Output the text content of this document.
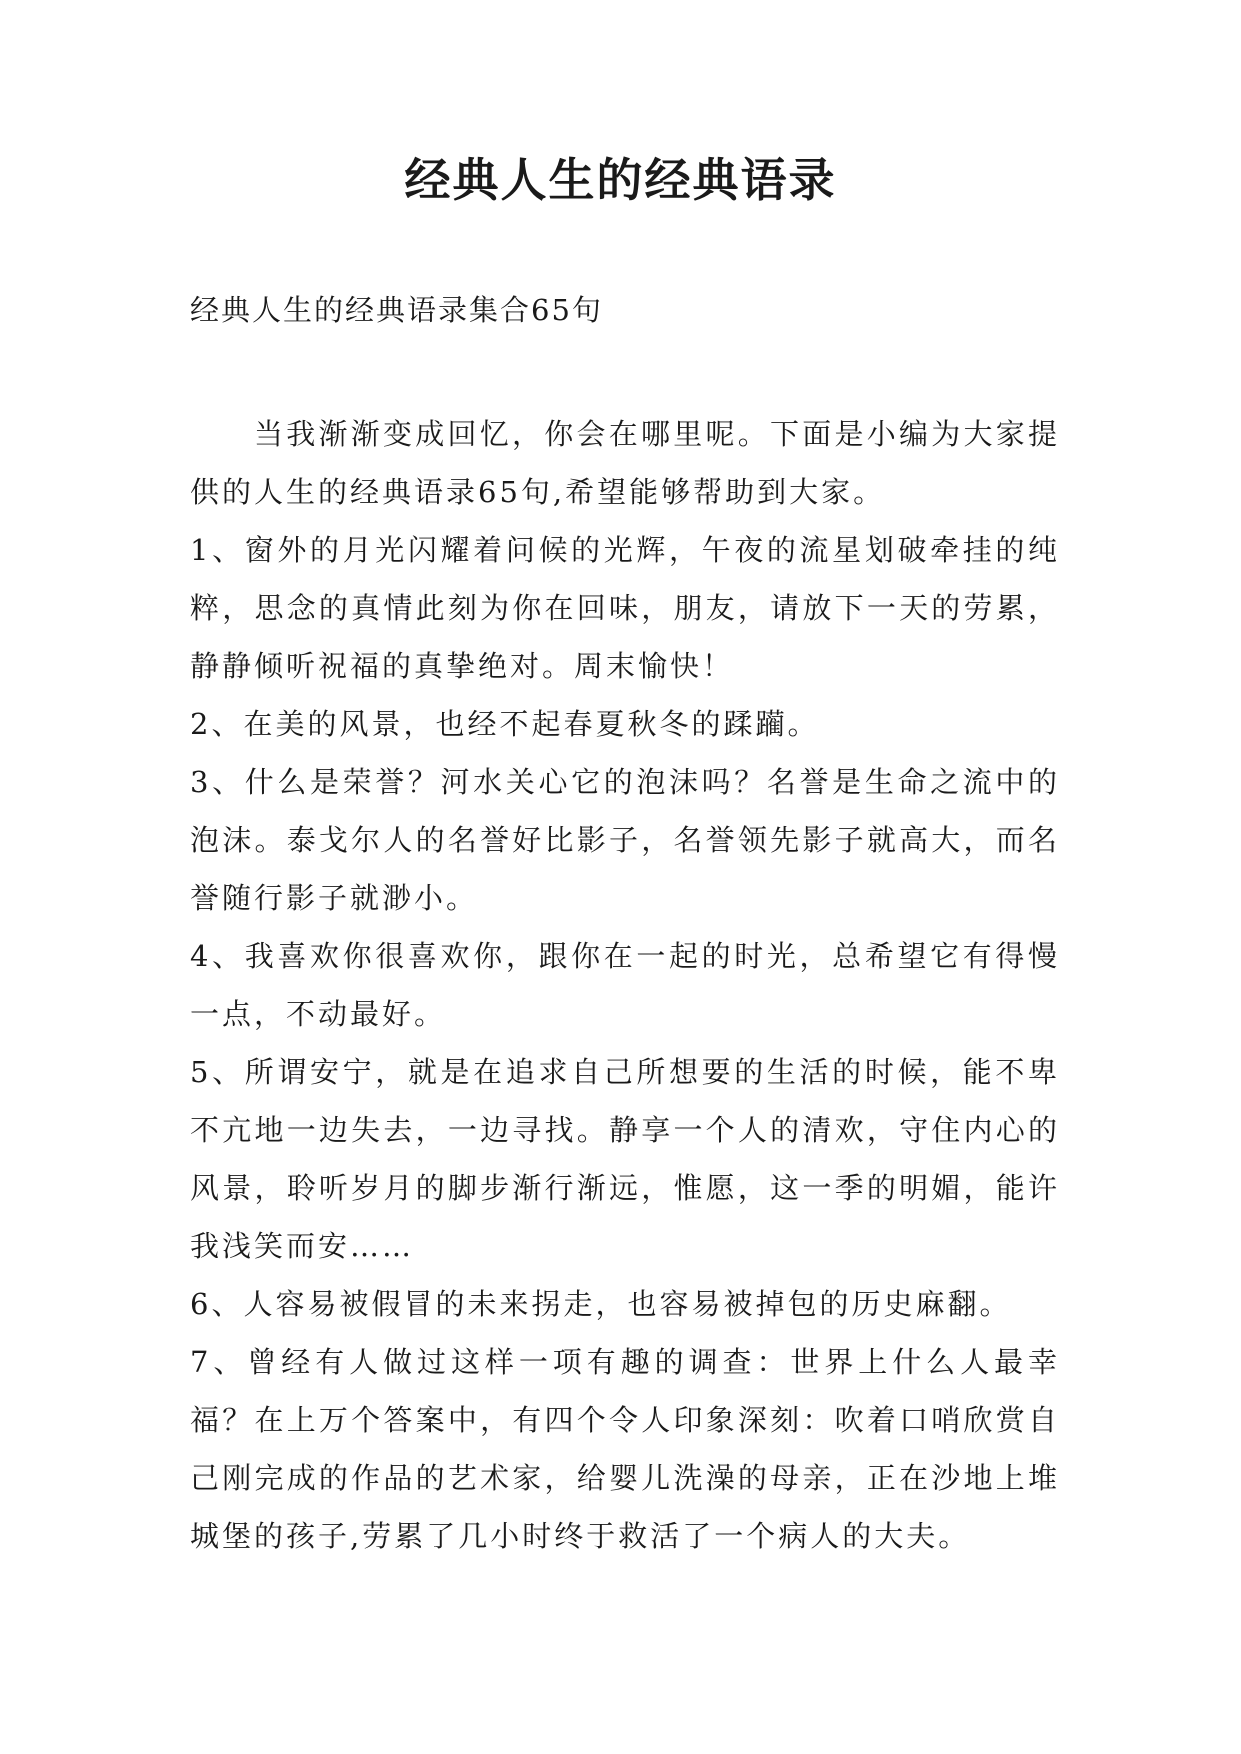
经典人生的经典语录
经典人生的经典语录集合65句

当我渐渐变成回忆，你会在哪里呢。下面是小编为大家提供的人生的经典语录65句,希望能够帮助到大家。

1、窗外的月光闪耀着问候的光辉，午夜的流星划破牵挂的纯粹，思念的真情此刻为你在回味，朋友，请放下一天的劳累，静静倾听祝福的真挚绝对。周末愉快！

2、在美的风景，也经不起春夏秋冬的蹂躏。

3、什么是荣誉？河水关心它的泡沫吗？名誉是生命之流中的泡沫。泰戈尔人的名誉好比影子，名誉领先影子就高大，而名誉随行影子就渺小。

4、我喜欢你很喜欢你，跟你在一起的时光，总希望它有得慢一点，不动最好。

5、所谓安宁，就是在追求自己所想要的生活的时候，能不卑不亢地一边失去，一边寻找。静享一个人的清欢，守住内心的风景，聆听岁月的脚步渐行渐远，惟愿，这一季的明媚，能许我浅笑而安……

6、人容易被假冒的未来拐走，也容易被掉包的历史麻翻。

7、曾经有人做过这样一项有趣的调查：世界上什么人最幸福？在上万个答案中，有四个令人印象深刻：吹着口哨欣赏自己刚完成的作品的艺术家，给婴儿洗澡的母亲，正在沙地上堆城堡的孩子,劳累了几小时终于救活了一个病人的大夫。
